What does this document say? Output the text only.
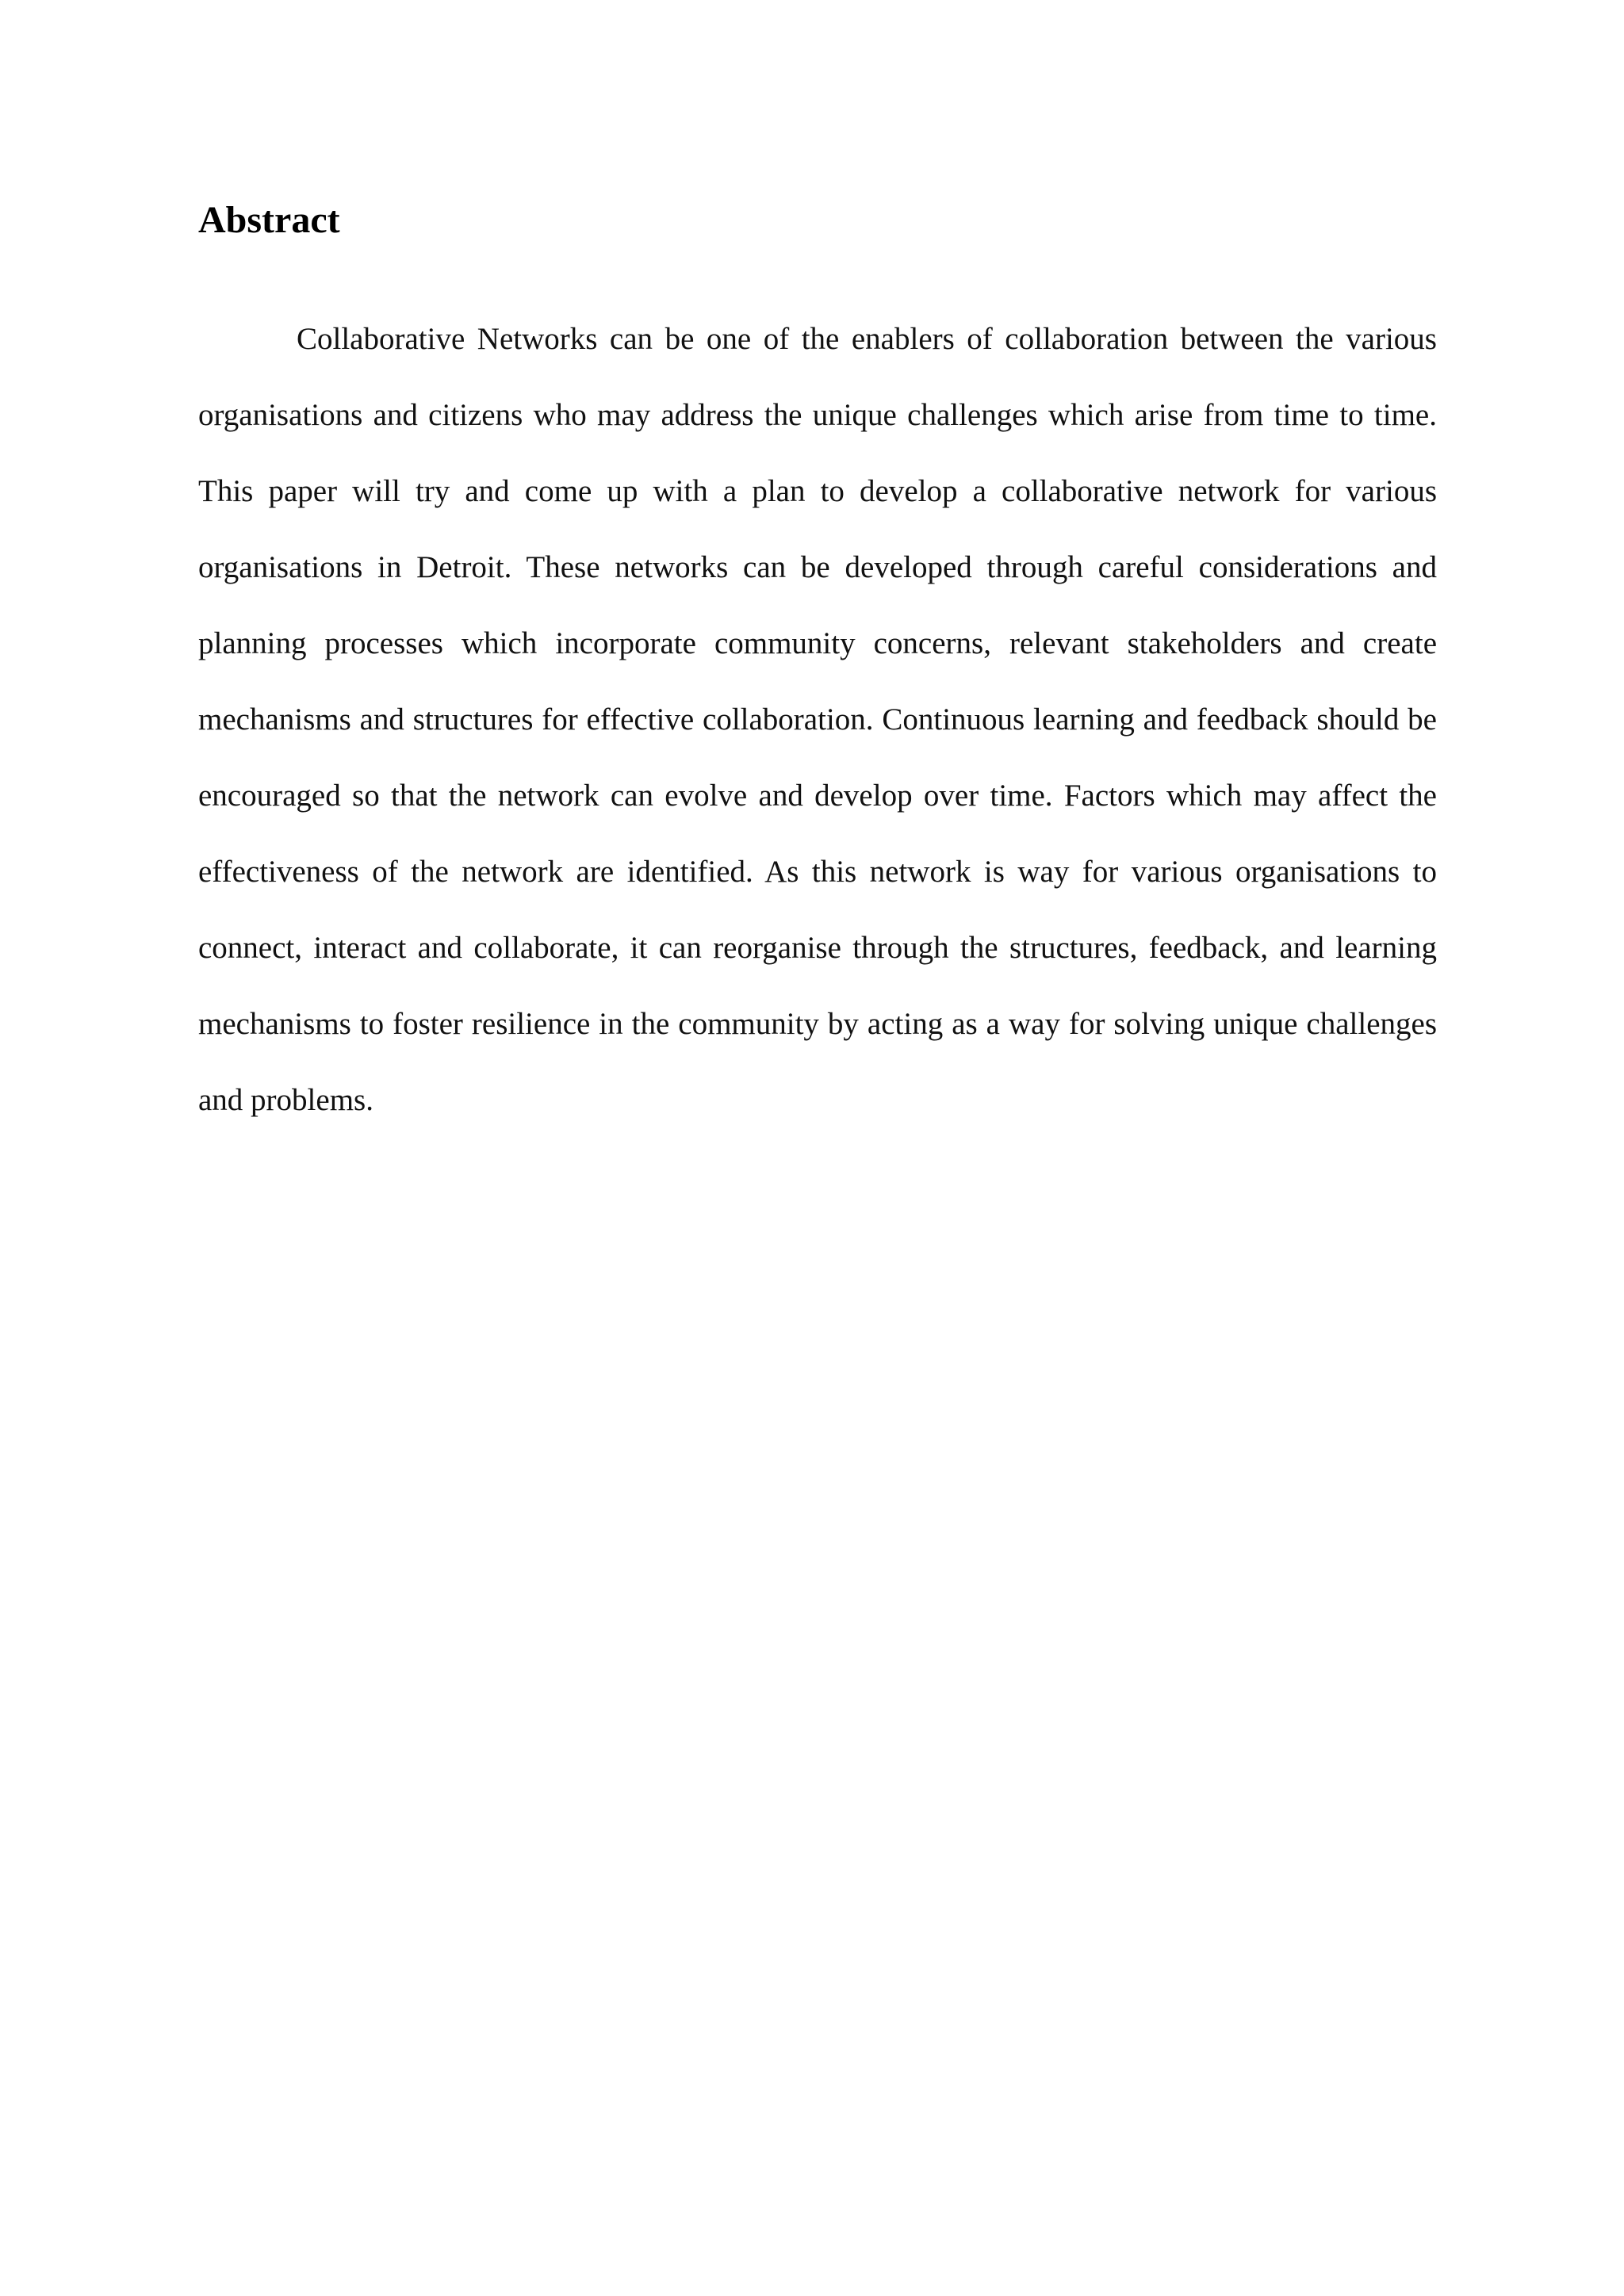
Abstract

Collaborative Networks can be one of the enablers of collaboration between the various organisations and citizens who may address the unique challenges which arise from time to time. This paper will try and come up with a plan to develop a collaborative network for various organisations in Detroit. These networks can be developed through careful considerations and planning processes which incorporate community concerns, relevant stakeholders and create mechanisms and structures for effective collaboration. Continuous learning and feedback should be encouraged so that the network can evolve and develop over time. Factors which may affect the effectiveness of the network are identified. As this network is way for various organisations to connect, interact and collaborate, it can reorganise through the structures, feedback, and learning mechanisms to foster resilience in the community by acting as a way for solving unique challenges and problems.
